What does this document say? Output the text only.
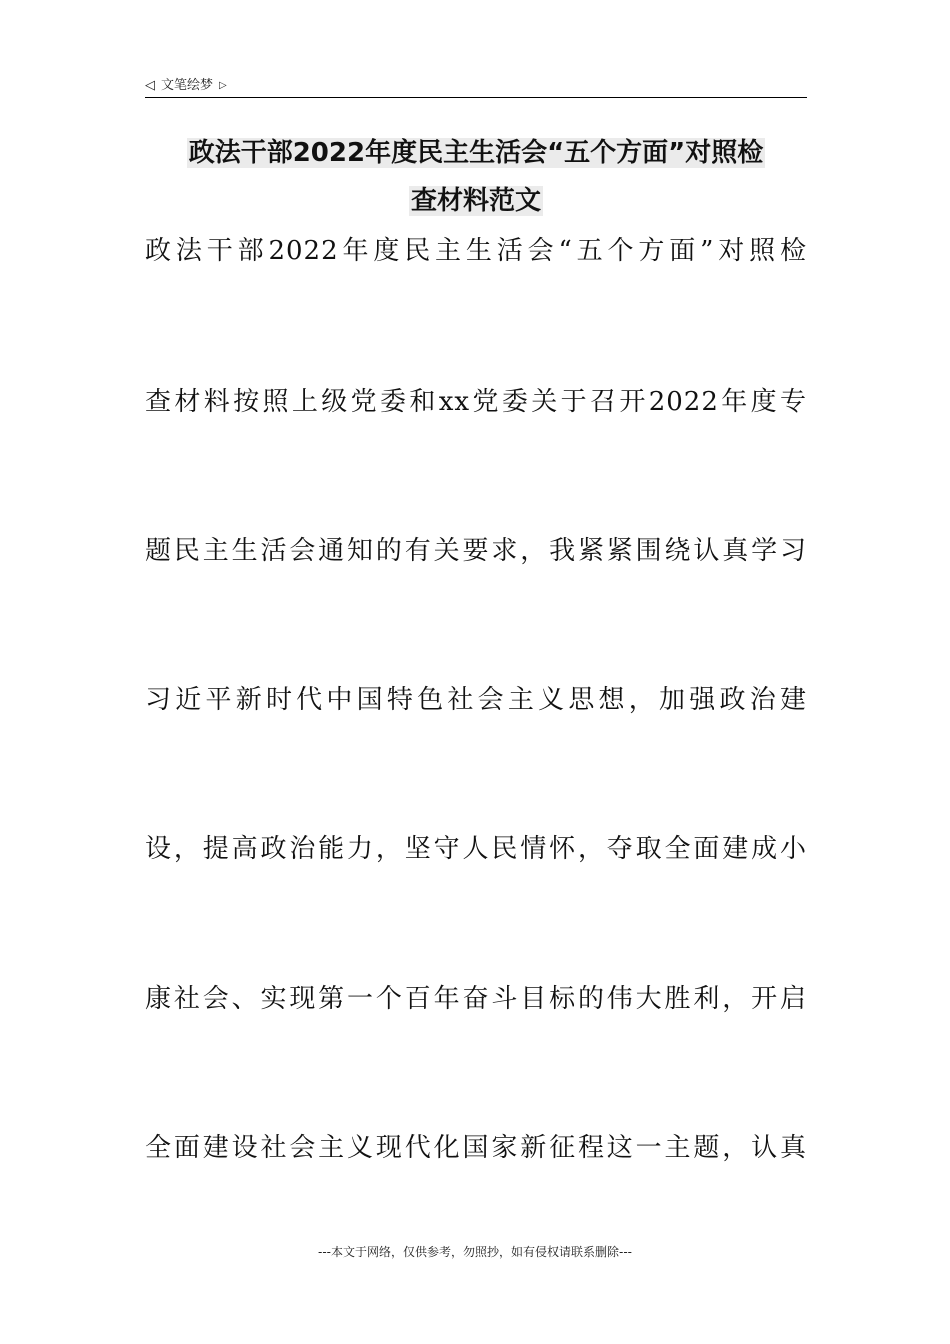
◁ 文笔绘梦 ▷
政法干部2022年度民主生活会“五个方面”对照检
查材料范文
政法干部2022年度民主生活会“五个方面”对照检
查材料按照上级党委和xx党委关于召开2022年度专
题民主生活会通知的有关要求，我紧紧围绕认真学习
习近平新时代中国特色社会主义思想，加强政治建
设，提高政治能力，坚守人民情怀，夺取全面建成小
康社会、实现第一个百年奋斗目标的伟大胜利，开启
全面建设社会主义现代化国家新征程这一主题，认真
---本文于网络，仅供参考，勿照抄，如有侵权请联系删除---
